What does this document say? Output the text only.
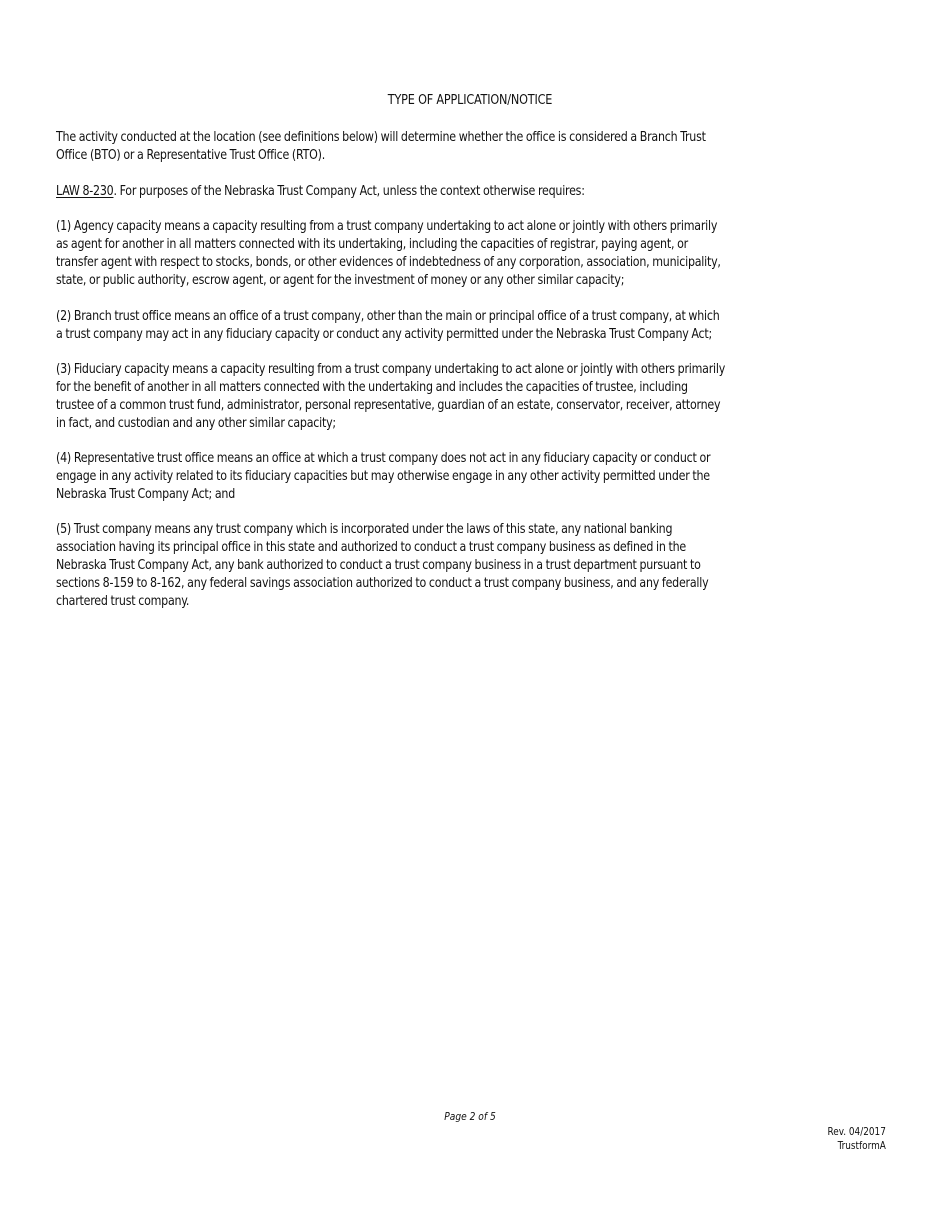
TYPE OF APPLICATION/NOTICE
The activity conducted at the location (see definitions below) will determine whether the office is considered a Branch Trust
Office (BTO) or a Representative Trust Office (RTO).
LAW 8-230. For purposes of the Nebraska Trust Company Act, unless the context otherwise requires:
(1) Agency capacity means a capacity resulting from a trust company undertaking to act alone or jointly with others primarily
as agent for another in all matters connected with its undertaking, including the capacities of registrar, paying agent, or
transfer agent with respect to stocks, bonds, or other evidences of indebtedness of any corporation, association, municipality,
state, or public authority, escrow agent, or agent for the investment of money or any other similar capacity;
(2) Branch trust office means an office of a trust company, other than the main or principal office of a trust company, at which
a trust company may act in any fiduciary capacity or conduct any activity permitted under the Nebraska Trust Company Act;
(3) Fiduciary capacity means a capacity resulting from a trust company undertaking to act alone or jointly with others primarily
for the benefit of another in all matters connected with the undertaking and includes the capacities of trustee, including
trustee of a common trust fund, administrator, personal representative, guardian of an estate, conservator, receiver, attorney
in fact, and custodian and any other similar capacity;
(4) Representative trust office means an office at which a trust company does not act in any fiduciary capacity or conduct or
engage in any activity related to its fiduciary capacities but may otherwise engage in any other activity permitted under the
Nebraska Trust Company Act; and
(5) Trust company means any trust company which is incorporated under the laws of this state, any national banking
association having its principal office in this state and authorized to conduct a trust company business as defined in the
Nebraska Trust Company Act, any bank authorized to conduct a trust company business in a trust department pursuant to
sections 8-159 to 8-162, any federal savings association authorized to conduct a trust company business, and any federally
chartered trust company.
Page 2 of 5
Rev. 04/2017
TrustformA
